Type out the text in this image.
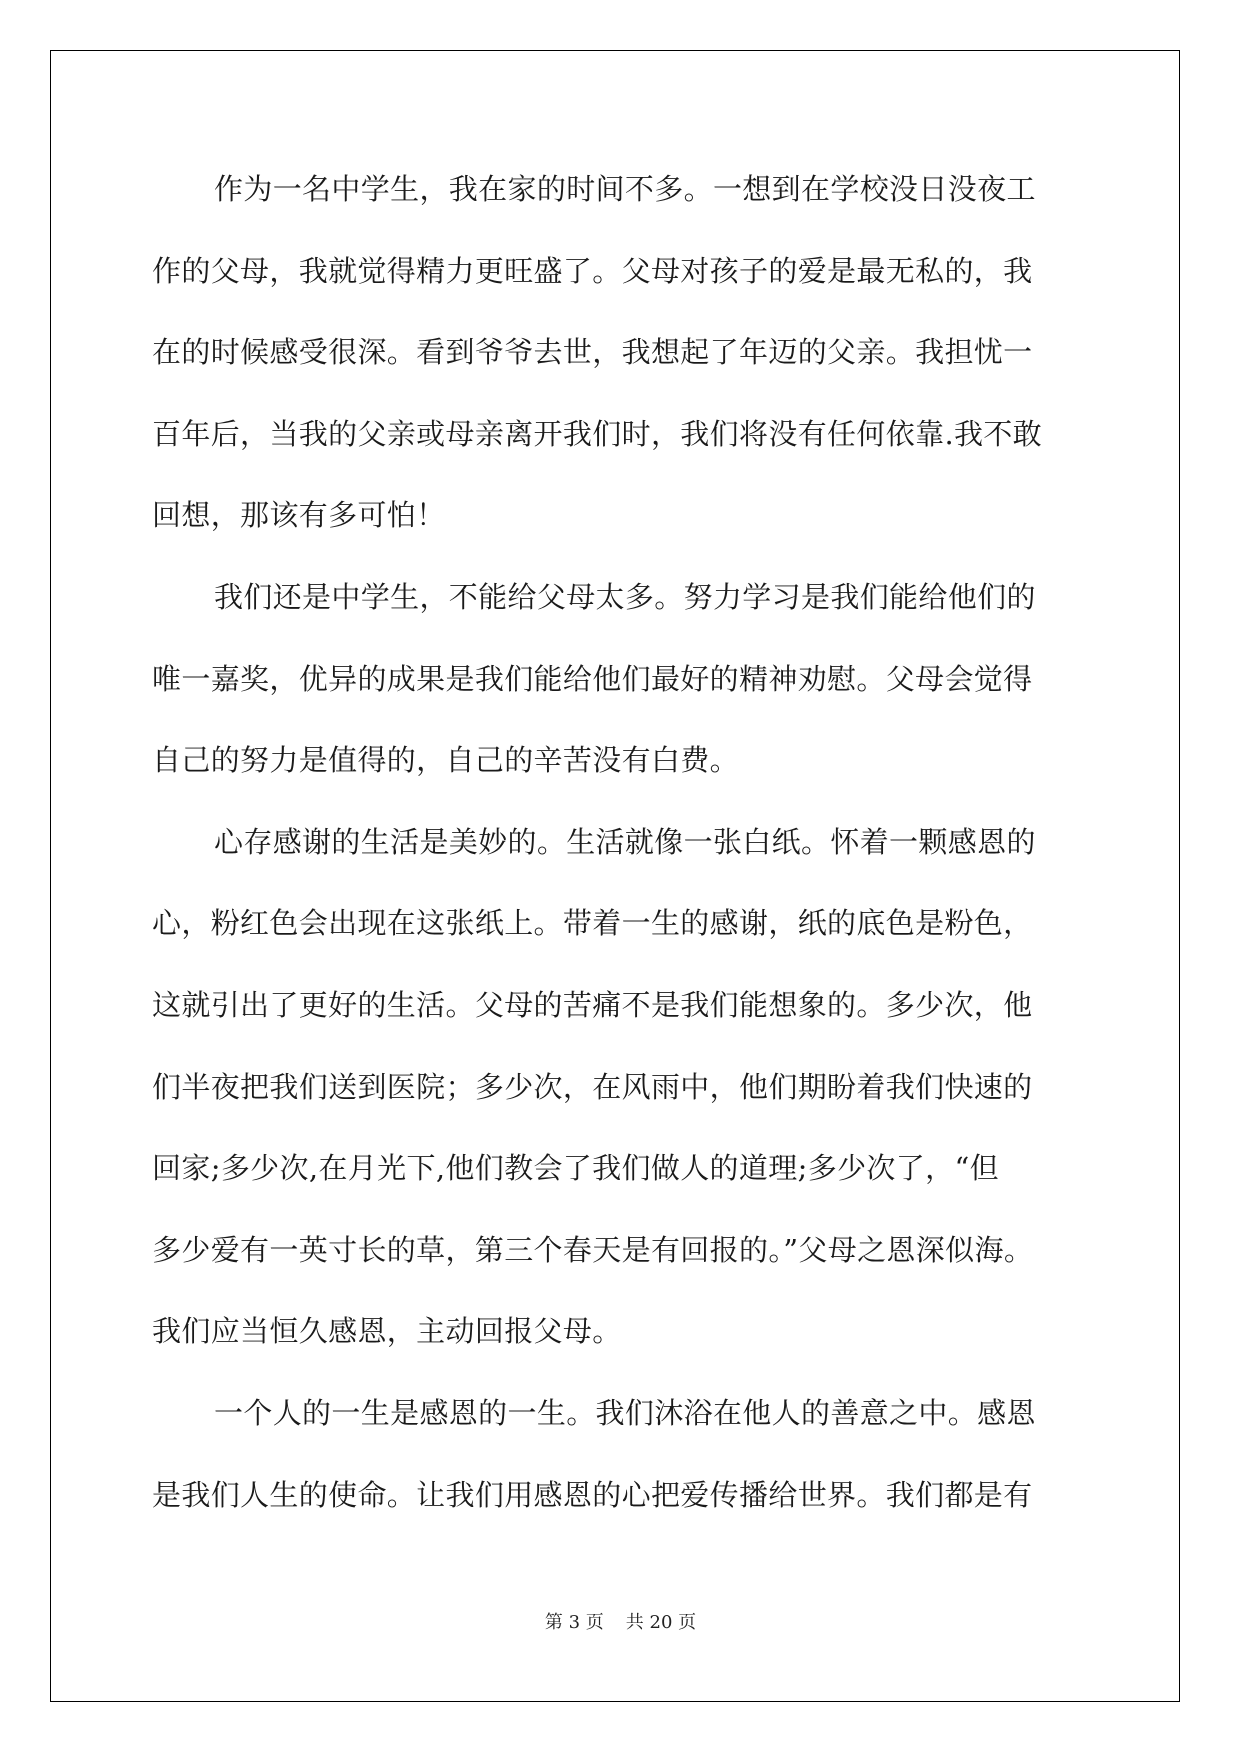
作为一名中学生，我在家的时间不多。一想到在学校没日没夜工
作的父母，我就觉得精力更旺盛了。父母对孩子的爱是最无私的，我
在的时候感受很深。看到爷爷去世，我想起了年迈的父亲。我担忧一
百年后，当我的父亲或母亲离开我们时，我们将没有任何依靠.我不敢
回想，那该有多可怕！
我们还是中学生，不能给父母太多。努力学习是我们能给他们的
唯一嘉奖，优异的成果是我们能给他们最好的精神劝慰。父母会觉得
自己的努力是值得的，自己的辛苦没有白费。
心存感谢的生活是美妙的。生活就像一张白纸。怀着一颗感恩的
心，粉红色会出现在这张纸上。带着一生的感谢，纸的底色是粉色，
这就引出了更好的生活。父母的苦痛不是我们能想象的。多少次，他
们半夜把我们送到医院；多少次，在风雨中，他们期盼着我们快速的
回家;多少次,在月光下,他们教会了我们做人的道理;多少次了，“但
多少爱有一英寸长的草，第三个春天是有回报的。”父母之恩深似海。
我们应当恒久感恩，主动回报父母。
一个人的一生是感恩的一生。我们沐浴在他人的善意之中。感恩
是我们人生的使命。让我们用感恩的心把爱传播给世界。我们都是有
第 3 页 共 20 页
